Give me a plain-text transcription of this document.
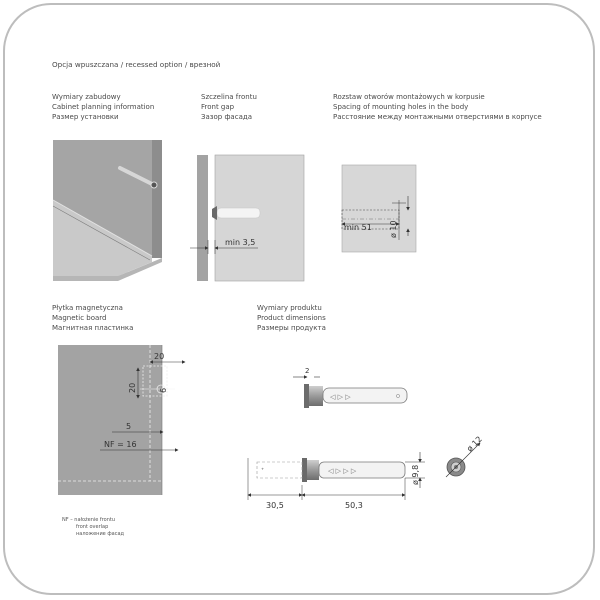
Opcja wpuszczana / recessed option / врезной
Wymiary zabudowy
Cabinet planning information
Размер установки
Szczelina frontu
Front gap
Зазор фасада
Rozstaw otworów montażowych w korpusie
Spacing of mounting holes in the body
Расстояние между монтажными отверстиями в корпусе
Płytka magnetyczna
Magnetic board
Магнитная пластинка
Wymiary produktu
Product dimensions
Размеры продукта
NF – nałożenie frontu
front overlap
наложение фасад
min 3,5
min 51 ø 10
20
20	6
5
NF = 16
2
◁ ▷ ▷
◁ ▷ ▷ ▷
⁺
30,5	50,3
ø 9,8
ø 12
